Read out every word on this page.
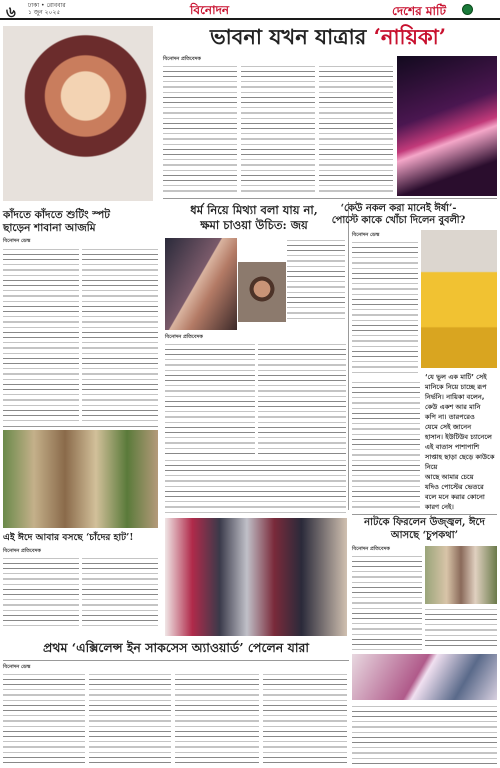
৬ ঢাকা • রোববার
১ জুন ২০২৫	বিনোদন	দেশের মাটি
কাঁদতে কাঁদতে শুটিং স্পট
ছাড়েন শাবানা আজমি
বিনোদন ডেস্ক
ভাবনা যখন যাত্রার ‘নায়িকা’
বিনোদন প্রতিবেদক
ধর্ম নিয়ে মিথ্যা বলা যায় না,
ক্ষমা চাওয়া উচিত: জয়
বিনোদন প্রতিবেদক
‘কেউ নকল করা মানেই ঈর্ষা’-
পোস্টে কাকে খোঁচা দিলেন বুবলী?
বিনোদন ডেস্ক
‘যে ভুল এক মাটি’ সেই
মানিকে নিয়ে চাচ্ছে রূপ
নির্ভনি। নায়িকা বলেন,
কেউ একশ আর মানি
কপি না। তারপরেও
যেমে সেই জানেন
হাসান। ইউটিউব চ্যানেলে
এই বাতাস পাশাপাশি
সাপ্তাহ ছাড়া ছেড়ে কাউকে নিয়ে
আছে আমার চেয়ে
যদিও পোস্টের ভেতরে
বলে মনে করার কোনো
কারণ নেই।
এই ঈদে আবার বসছে ‘চাঁদের হাট’!
বিনোদন প্রতিবেদক
নাটকে ফিরলেন উজ্জ্বল, ঈদে
আসছে ‘চুপকথা’
বিনোদন প্রতিবেদক
প্রথম ‘এক্সিলেন্স ইন সাকসেস অ্যাওয়ার্ড’ পেলেন যারা
বিনোদন ডেস্ক
